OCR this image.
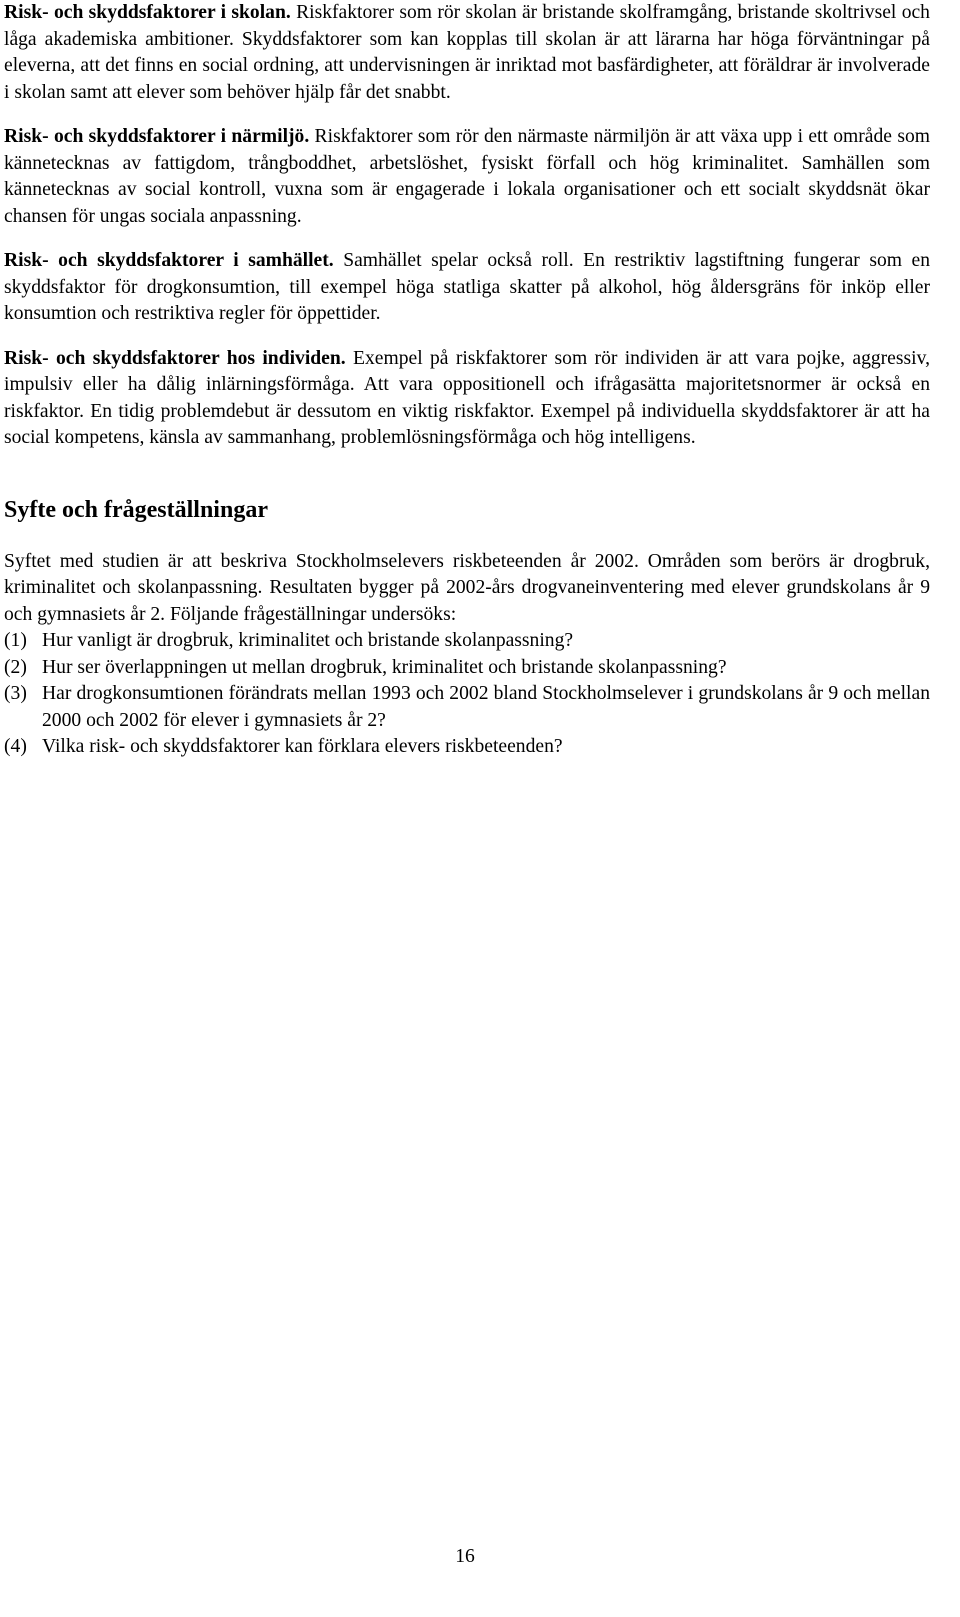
Risk- och skyddsfaktorer i skolan. Riskfaktorer som rör skolan är bristande skolframgång, bristande skoltrivsel och låga akademiska ambitioner. Skyddsfaktorer som kan kopplas till skolan är att lärarna har höga förväntningar på eleverna, att det finns en social ordning, att undervisningen är inriktad mot basfärdigheter, att föräldrar är involverade i skolan samt att elever som behöver hjälp får det snabbt.

Risk- och skyddsfaktorer i närmiljö. Riskfaktorer som rör den närmaste närmiljön är att växa upp i ett område som kännetecknas av fattigdom, trångboddhet, arbetslöshet, fysiskt förfall och hög kriminalitet. Samhällen som kännetecknas av social kontroll, vuxna som är engagerade i lokala organisationer och ett socialt skyddsnät ökar chansen för ungas sociala anpassning.

Risk- och skyddsfaktorer i samhället. Samhället spelar också roll. En restriktiv lagstiftning fungerar som en skyddsfaktor för drogkonsumtion, till exempel höga statliga skatter på alkohol, hög åldersgräns för inköp eller konsumtion och restriktiva regler för öppettider.

Risk- och skyddsfaktorer hos individen. Exempel på riskfaktorer som rör individen är att vara pojke, aggressiv, impulsiv eller ha dålig inlärningsförmåga. Att vara oppositionell och ifrågasätta majoritetsnormer är också en riskfaktor. En tidig problemdebut är dessutom en viktig riskfaktor. Exempel på individuella skyddsfaktorer är att ha social kompetens, känsla av sammanhang, problemlösningsförmåga och hög intelligens.

Syfte och frågeställningar

Syftet med studien är att beskriva Stockholmselevers riskbeteenden år 2002. Områden som berörs är drogbruk, kriminalitet och skolanpassning. Resultaten bygger på 2002-års drogvaneinventering med elever grundskolans år 9 och gymnasiets år 2. Följande frågeställningar undersöks:

(1) Hur vanligt är drogbruk, kriminalitet och bristande skolanpassning?
(2) Hur ser överlappningen ut mellan drogbruk, kriminalitet och bristande skolanpassning?
(3) Har drogkonsumtionen förändrats mellan 1993 och 2002 bland Stockholmselever i grundskolans år 9 och mellan 2000 och 2002 för elever i gymnasiets år 2?
(4) Vilka risk- och skyddsfaktorer kan förklara elevers riskbeteenden?
16
